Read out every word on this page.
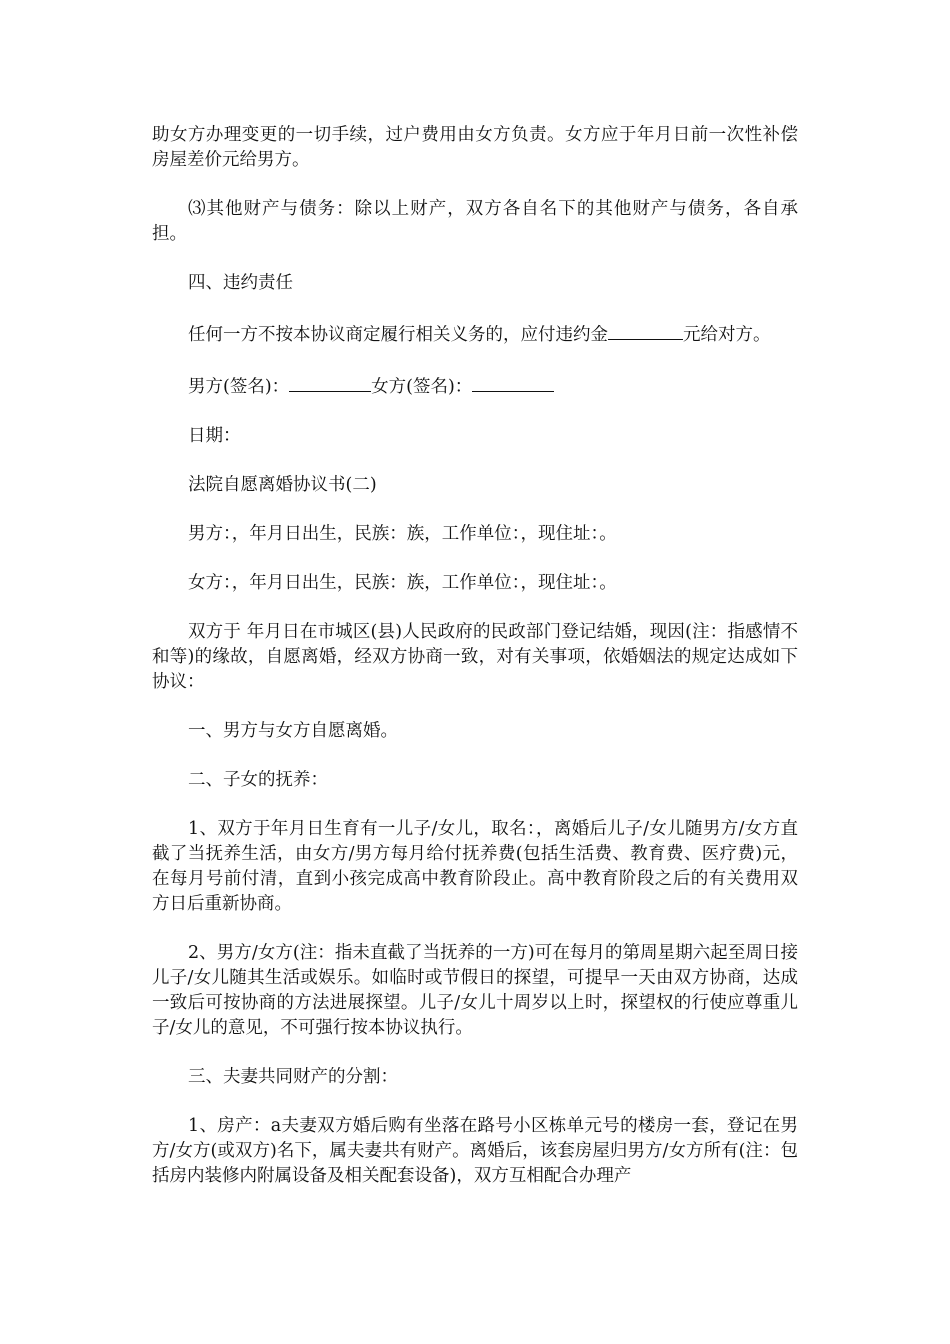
助女方办理变更的一切手续，过户费用由女方负责。女方应于年月日前一次性补偿房屋差价元给男方。

⑶其他财产与债务：除以上财产，双方各自名下的其他财产与债务，各自承担。

四、违约责任

任何一方不按本协议商定履行相关义务的，应付违约金	元给对方。

男方(签名)：	女方(签名)：

日期：

法院自愿离婚协议书(二)

男方：，年月日出生，民族：族，工作单位：，现住址：。

女方：，年月日出生，民族：族，工作单位：，现住址：。

双方于 年月日在市城区(县)人民政府的民政部门登记结婚，现因(注：指感情不和等)的缘故，自愿离婚，经双方协商一致，对有关事项，依婚姻法的规定达成如下协议：

一、男方与女方自愿离婚。

二、子女的抚养：

1、双方于年月日生育有一儿子/女儿，取名：，离婚后儿子/女儿随男方/女方直截了当抚养生活，由女方/男方每月给付抚养费(包括生活费、教育费、医疗费)元，在每月号前付清，直到小孩完成高中教育阶段止。高中教育阶段之后的有关费用双方日后重新协商。

2、男方/女方(注：指未直截了当抚养的一方)可在每月的第周星期六起至周日接儿子/女儿随其生活或娱乐。如临时或节假日的探望，可提早一天由双方协商，达成一致后可按协商的方法进展探望。儿子/女儿十周岁以上时，探望权的行使应尊重儿子/女儿的意见，不可强行按本协议执行。

三、夫妻共同财产的分割：

1、房产：a夫妻双方婚后购有坐落在路号小区栋单元号的楼房一套，登记在男方/女方(或双方)名下，属夫妻共有财产。离婚后，该套房屋归男方/女方所有(注：包括房内装修内附属设备及相关配套设备)，双方互相配合办理产
